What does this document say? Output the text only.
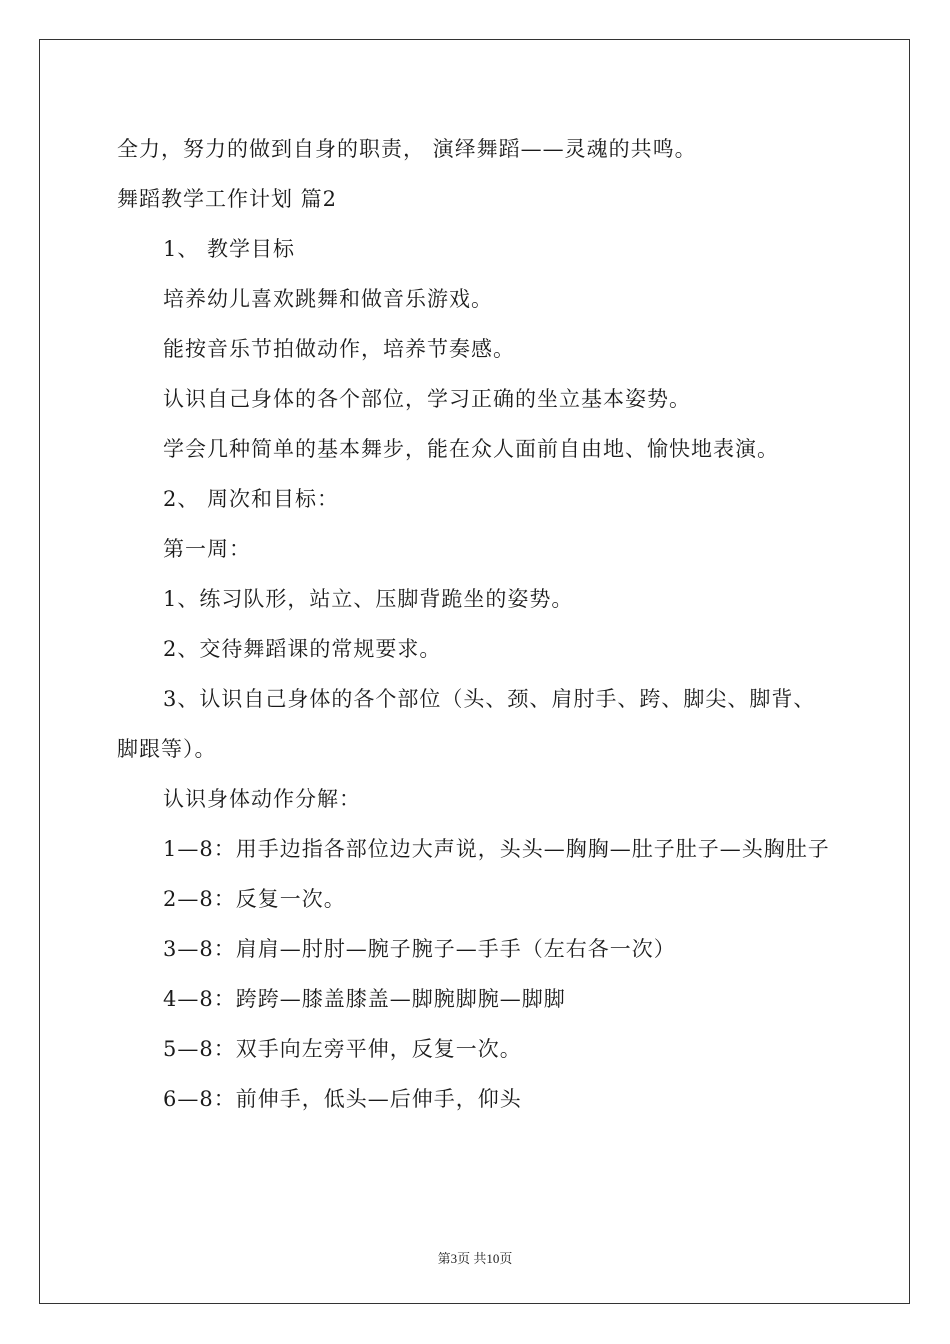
全力，努力的做到自身的职责， 演绎舞蹈——灵魂的共鸣。
舞蹈教学工作计划 篇2
1、 教学目标
培养幼儿喜欢跳舞和做音乐游戏。
能按音乐节拍做动作，培养节奏感。
认识自己身体的各个部位，学习正确的坐立基本姿势。
学会几种简单的基本舞步，能在众人面前自由地、愉快地表演。
2、 周次和目标：
第一周：
1、练习队形，站立、压脚背跪坐的姿势。
2、交待舞蹈课的常规要求。
3、认识自己身体的各个部位（头、颈、肩肘手、跨、脚尖、脚背、脚跟等）。
认识身体动作分解：
1—8：用手边指各部位边大声说，头头—胸胸—肚子肚子—头胸肚子
2—8：反复一次。
3—8：肩肩—肘肘—腕子腕子—手手（左右各一次）
4—8：跨跨—膝盖膝盖—脚腕脚腕—脚脚
5—8：双手向左旁平伸，反复一次。
6—8：前伸手，低头—后伸手，仰头
第3页 共10页
